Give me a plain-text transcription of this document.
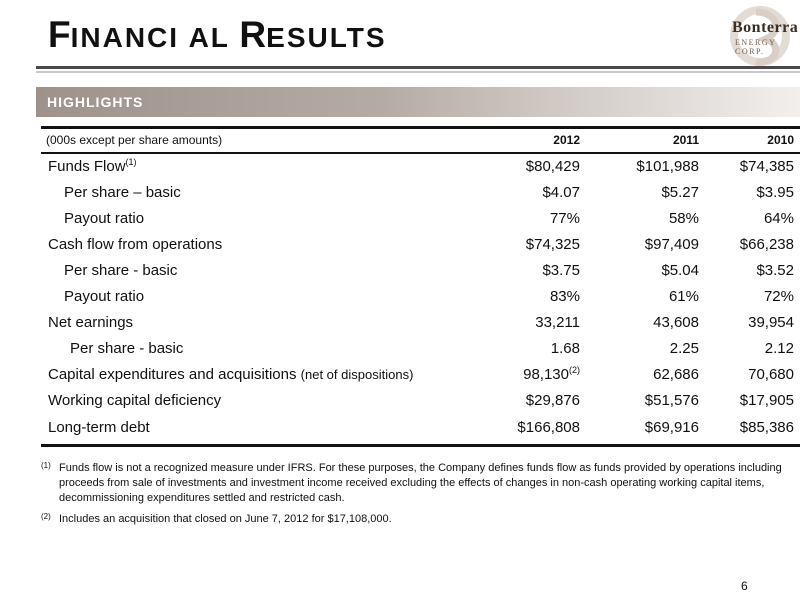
FINANCI AL RESULTS	Bonterra
ENERGY CORP.
HIGHLIGHTS
(000s except per share amounts)	2012	2011	2010
Funds Flow$^{(1)}$	$80,429	$101,988	$74,385
Per share – basic	$4.07	$5.27	$3.95
Payout ratio	77%	58%	64%
Cash flow from operations	$74,325	$97,409	$66,238
Per share - basic	$3.75	$5.04	$3.52
Payout ratio	83%	61%	72%
Net earnings	33,211	43,608	39,954
Per share - basic	1.68	2.25	2.12
Capital expenditures and acquisitions (net of dispositions)	98,130$^{(2)}$	62,686	70,680
Working capital deficiency	$29,876	$51,576	$17,905
Long-term debt	$166,808	$69,916	$85,386
(1) Funds flow is not a recognized measure under IFRS. For these purposes, the Company defines funds flow as funds provided by operations including proceeds from sale of investments and investment income received excluding the effects of changes in non-cash operating working capital items, decommissioning expenditures settled and restricted cash.
(2) Includes an acquisition that closed on June 7, 2012 for $17,108,000.
6
